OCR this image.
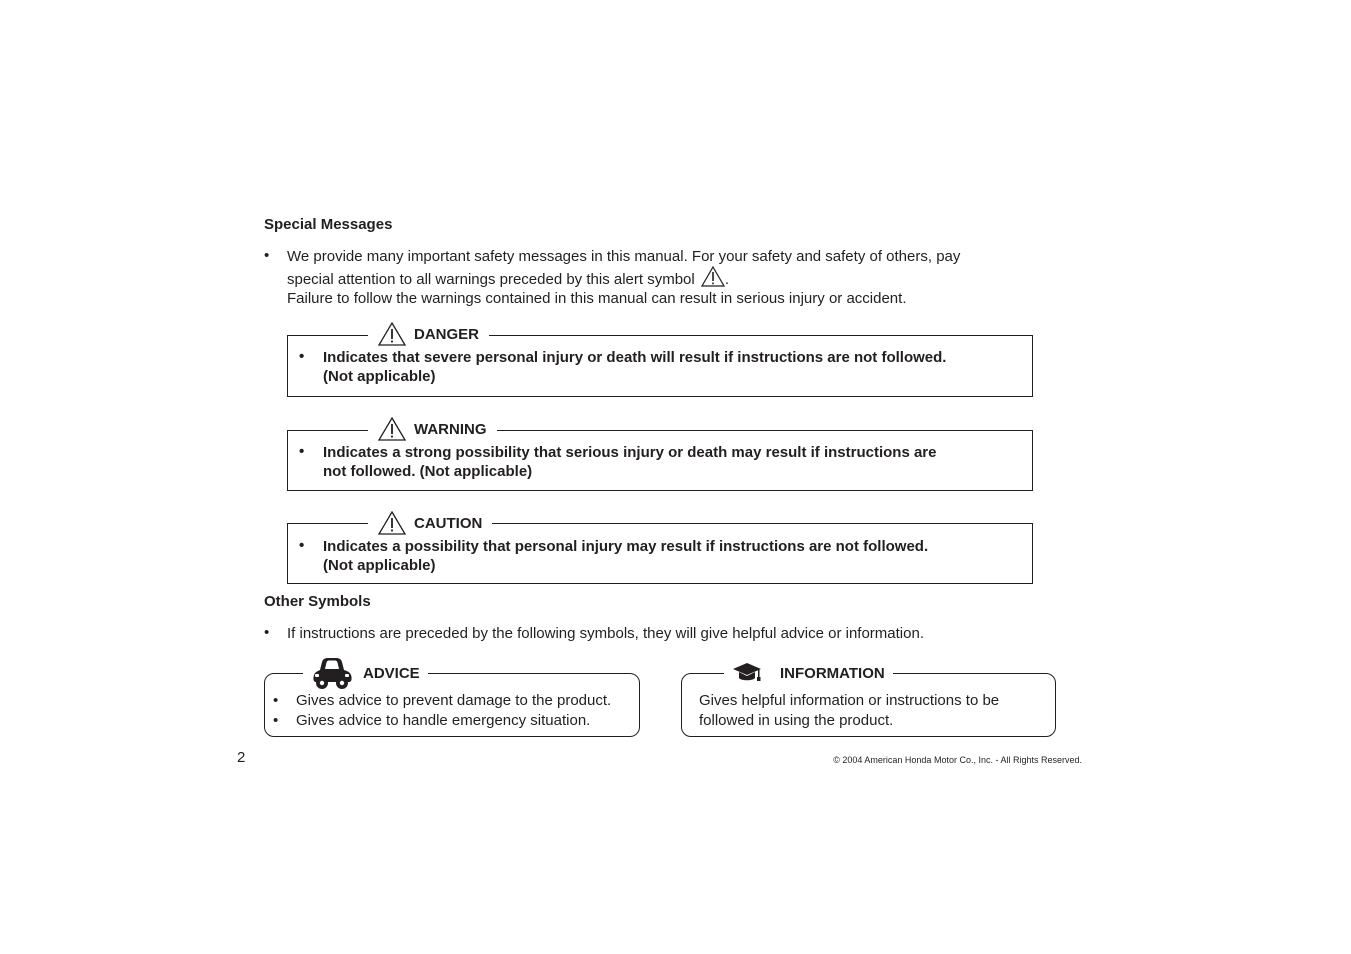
Special Messages
• We provide many important safety messages in this manual. For your safety and safety of others, pay
special attention to all warnings preceded by this alert symbol .
Failure to follow the warnings contained in this manual can result in serious injury or accident.
DANGER
• Indicates that severe personal injury or death will result if instructions are not followed.
(Not applicable)
WARNING
• Indicates a strong possibility that serious injury or death may result if instructions are
not followed. (Not applicable)
CAUTION
• Indicates a possibility that personal injury may result if instructions are not followed.
(Not applicable)
Other Symbols
• If instructions are preceded by the following symbols, they will give helpful advice or information.
ADVICE
•
•
Gives advice to prevent damage to the product.
Gives advice to handle emergency situation.
INFORMATION
Gives helpful information or instructions to be
followed in using the product.
2	© 2004 American Honda Motor Co., Inc. - All Rights Reserved.
